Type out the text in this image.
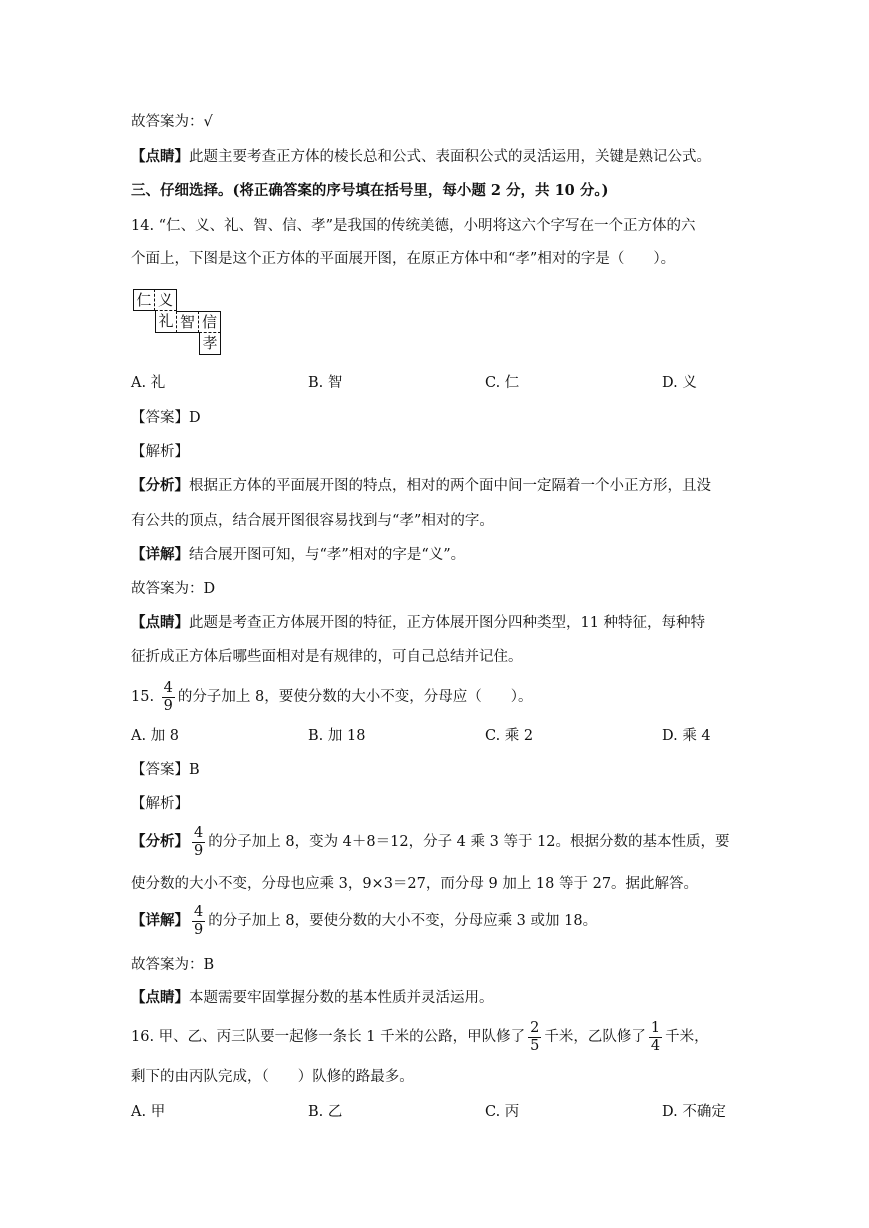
故答案为：√
【点睛】此题主要考查正方体的棱长总和公式、表面积公式的灵活运用，关键是熟记公式。
三、仔细选择。(将正确答案的序号填在括号里，每小题 2 分，共 10 分。)
14. “仁、义、礼、智、信、孝”是我国的传统美德，小明将这六个字写在一个正方体的六
个面上，下图是这个正方体的平面展开图，在原正方体中和“孝”相对的字是（　　）。
仁 义
礼 智 信
孝
A. 礼	B. 智	C. 仁	D. 义
【答案】D
【解析】
【分析】根据正方体的平面展开图的特点，相对的两个面中间一定隔着一个小正方形，且没
有公共的顶点，结合展开图很容易找到与“孝”相对的字。
【详解】结合展开图可知，与“孝”相对的字是“义”。
故答案为：D
【点睛】此题是考查正方体展开图的特征，正方体展开图分四种类型，11 种特征，每种特
征折成正方体后哪些面相对是有规律的，可自己总结并记住。
15. $\frac{4}{9}$ 的分子加上 8，要使分数的大小不变，分母应（　　）。
A. 加 8	B. 加 18	C. 乘 2	D. 乘 4
【答案】B
【解析】
【分析】 $\frac{4}{9}$ 的分子加上 8，变为 4＋8＝12，分子 4 乘 3 等于 12。根据分数的基本性质，要
使分数的大小不变，分母也应乘 3，9×3＝27，而分母 9 加上 18 等于 27。据此解答。
【详解】 $\frac{4}{9}$ 的分子加上 8，要使分数的大小不变，分母应乘 3 或加 18。
故答案为：B
【点睛】本题需要牢固掌握分数的基本性质并灵活运用。
16. 甲、乙、丙三队要一起修一条长 1 千米的公路，甲队修了 $\frac{2}{5}$ 千米，乙队修了 $\frac{1}{4}$ 千米，
剩下的由丙队完成，（　　）队修的路最多。
A. 甲	B. 乙	C. 丙	D. 不确定
